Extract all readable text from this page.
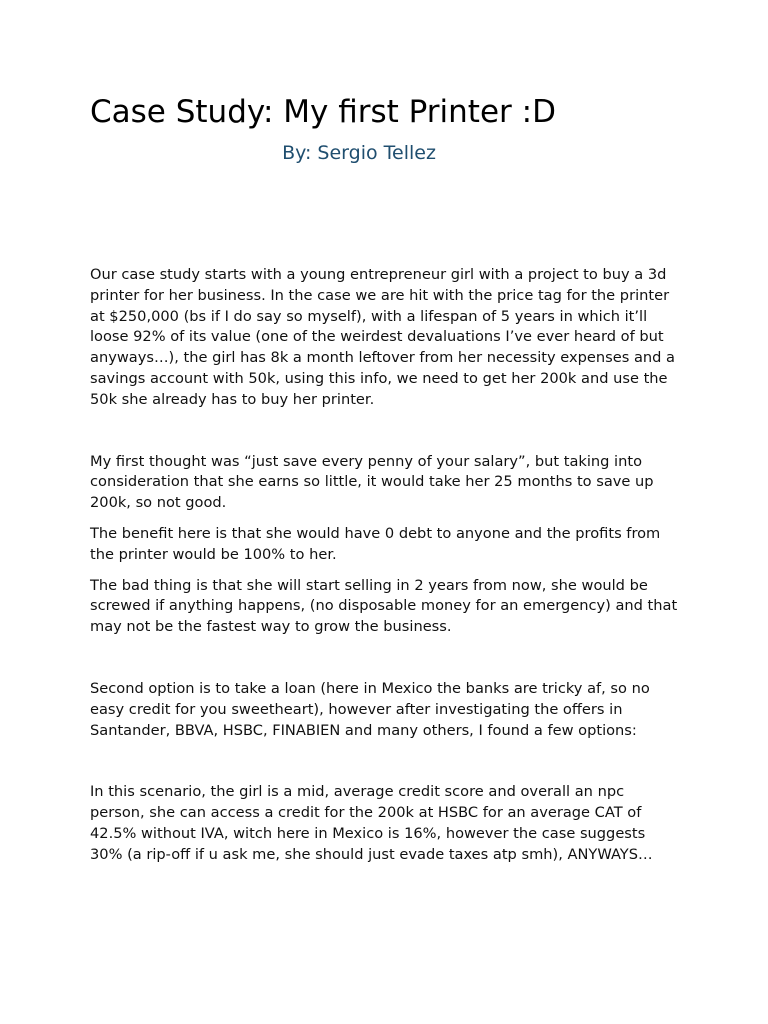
Case Study: My first Printer :D
By: Sergio Tellez

Our case study starts with a young entrepreneur girl with a project to buy a 3d printer for her business. In the case we are hit with the price tag for the printer at $250,000 (bs if I do say so myself), with a lifespan of 5 years in which it’ll loose 92% of its value (one of the weirdest devaluations I’ve ever heard of but anyways…), the girl has 8k a month leftover from her necessity expenses and a savings account with 50k, using this info, we need to get her 200k and use the 50k she already has to buy her printer.

My first thought was “just save every penny of your salary”, but taking into consideration that she earns so little, it would take her 25 months to save up 200k, so not good.

The benefit here is that she would have 0 debt to anyone and the profits from the printer would be 100% to her.

The bad thing is that she will start selling in 2 years from now, she would be screwed if anything happens, (no disposable money for an emergency) and that may not be the fastest way to grow the business.

Second option is to take a loan (here in Mexico the banks are tricky af, so no easy credit for you sweetheart), however after investigating the offers in Santander, BBVA, HSBC, FINABIEN and many others, I found a few options:

In this scenario, the girl is a mid, average credit score and overall an npc person, she can access a credit for the 200k at HSBC for an average CAT of 42.5% without IVA, witch here in Mexico is 16%, however the case suggests 30% (a rip-off if u ask me, she should just evade taxes atp smh), ANYWAYS…
